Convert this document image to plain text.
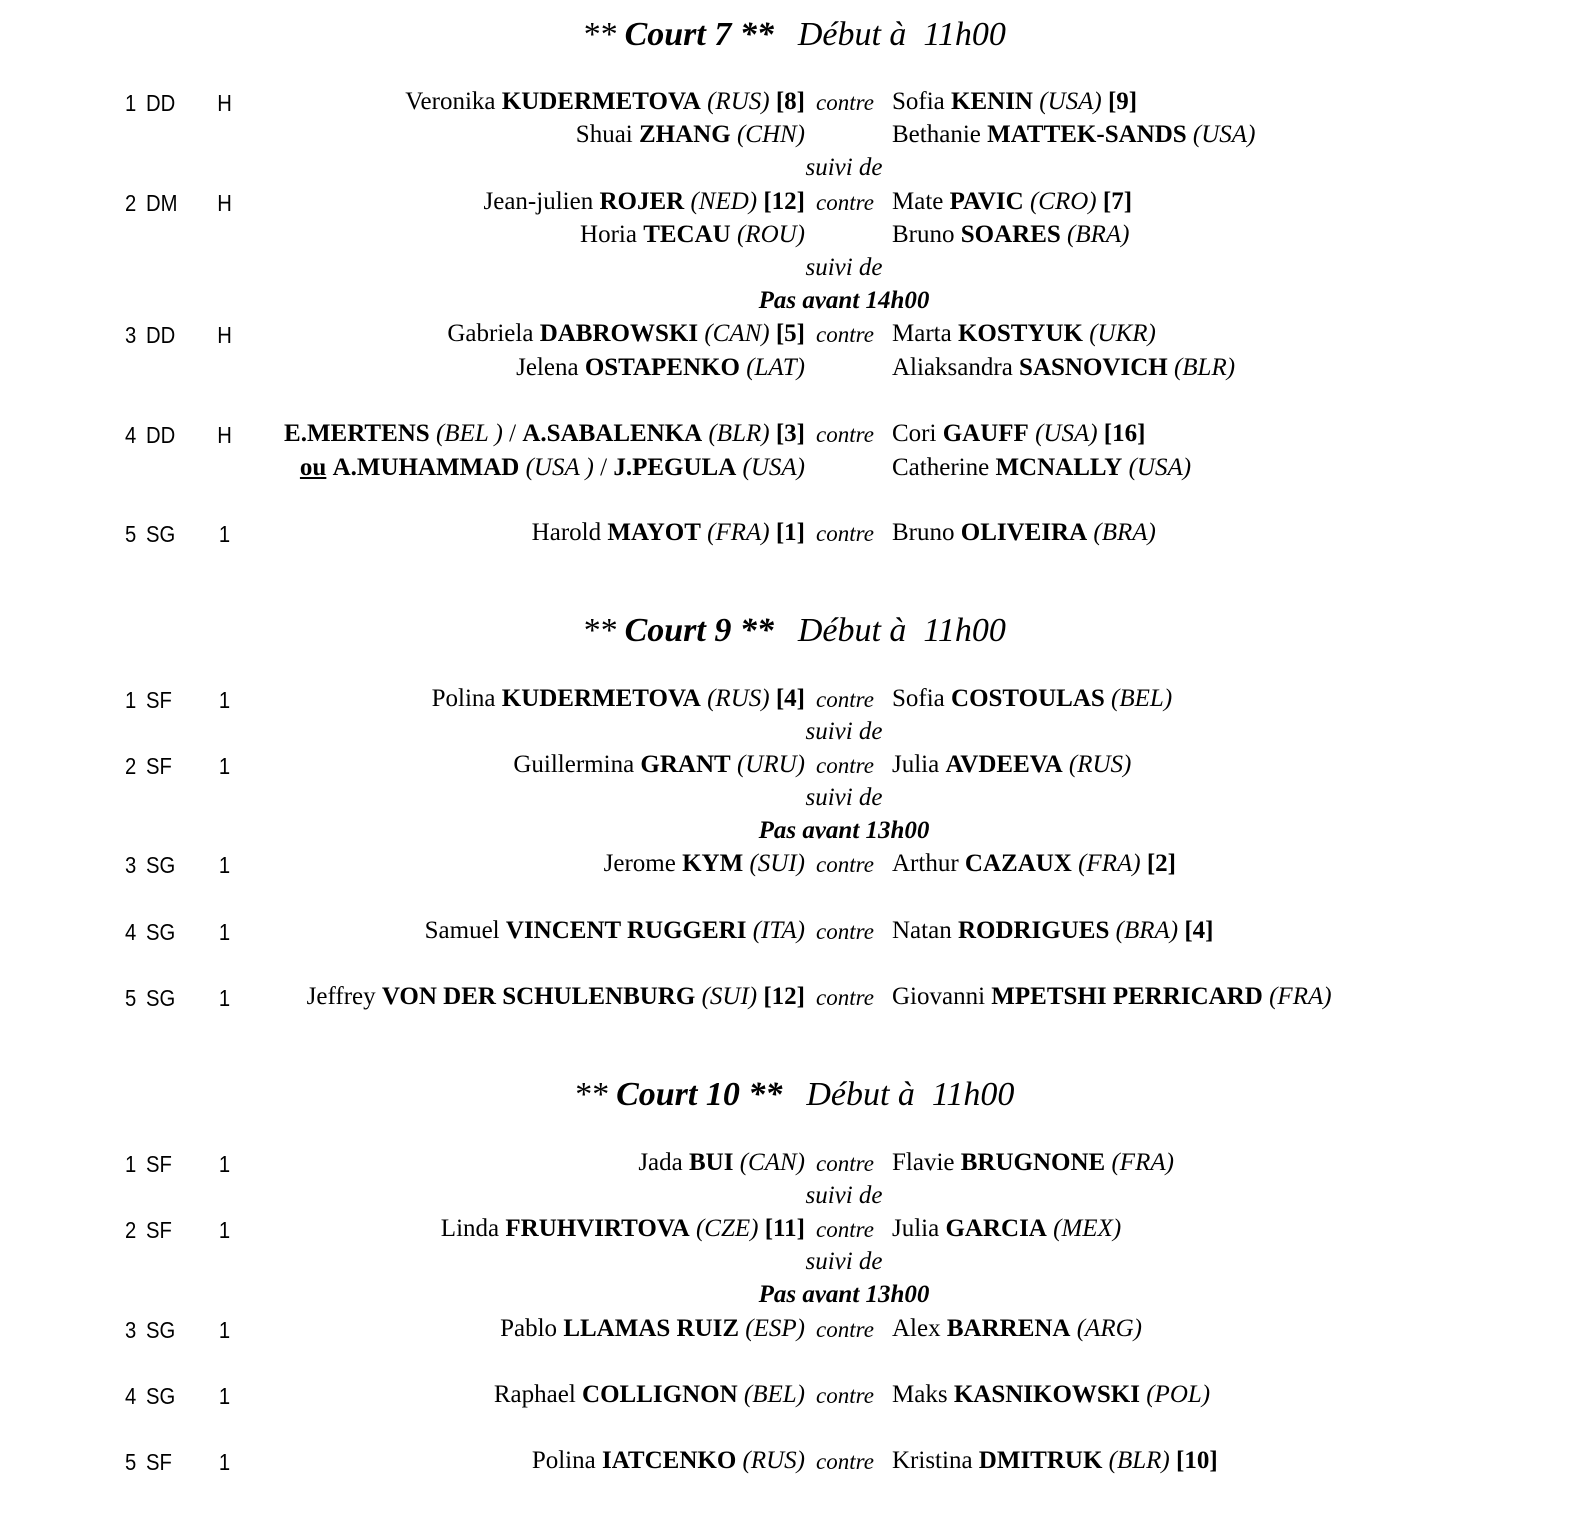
** Court 7 ** Début à  11h00
1 DD H	Veronika KUDERMETOVA (RUS) [8] contre Sofia KENIN (USA) [9]
Shuai ZHANG (CHN)	Bethanie MATTEK-SANDS (USA)
suivi de
2 DM H	Jean-julien ROJER (NED) [12] contre Mate PAVIC (CRO) [7]
Horia TECAU (ROU)	Bruno SOARES (BRA)
suivi de
Pas avant 14h00
3 DD H	Gabriela DABROWSKI (CAN) [5] contre Marta KOSTYUK (UKR)
Jelena OSTAPENKO (LAT)	Aliaksandra SASNOVICH (BLR)
4 DD H E.MERTENS (BEL ) / A.SABALENKA (BLR) [3] contre Cori GAUFF (USA) [16]
ou A.MUHAMMAD (USA ) / J.PEGULA (USA)	Catherine MCNALLY (USA)
5 SG 1	Harold MAYOT (FRA) [1] contre Bruno OLIVEIRA (BRA)
** Court 9 ** Début à  11h00
1 SF 1	Polina KUDERMETOVA (RUS) [4] contre Sofia COSTOULAS (BEL)
suivi de
2 SF 1	Guillermina GRANT (URU) contre Julia AVDEEVA (RUS)
suivi de
Pas avant 13h00
3 SG 1	Jerome KYM (SUI) contre Arthur CAZAUX (FRA) [2]
4 SG 1	Samuel VINCENT RUGGERI (ITA) contre Natan RODRIGUES (BRA) [4]
5 SG 1	Jeffrey VON DER SCHULENBURG (SUI) [12] contre Giovanni MPETSHI PERRICARD (FRA)
** Court 10 ** Début à  11h00
1 SF 1	Jada BUI (CAN) contre Flavie BRUGNONE (FRA)
suivi de
2 SF 1	Linda FRUHVIRTOVA (CZE) [11] contre Julia GARCIA (MEX)
suivi de
Pas avant 13h00
3 SG 1	Pablo LLAMAS RUIZ (ESP) contre Alex BARRENA (ARG)
4 SG 1	Raphael COLLIGNON (BEL) contre Maks KASNIKOWSKI (POL)
5 SF 1	Polina IATCENKO (RUS) contre Kristina DMITRUK (BLR) [10]
